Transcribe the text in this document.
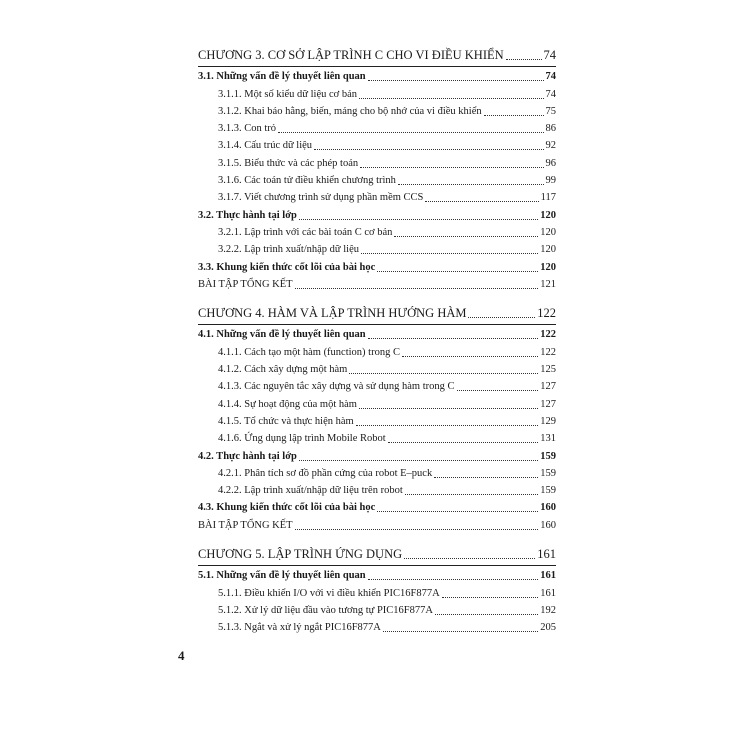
CHƯƠNG 3. CƠ SỞ LẬP TRÌNH C CHO VI ĐIỀU KHIỂN	74
3.1. Những vấn đề lý thuyết liên quan	74
3.1.1. Một số kiểu dữ liệu cơ bản	74
3.1.2. Khai báo hằng, biến, mảng cho bộ nhớ của vi điều khiển	75
3.1.3. Con trỏ	86
3.1.4. Cấu trúc dữ liệu	92
3.1.5. Biểu thức và các phép toán	96
3.1.6. Các toán tử điều khiển chương trình	99
3.1.7. Viết chương trình sử dụng phần mềm CCS	117
3.2. Thực hành tại lớp	120
3.2.1. Lập trình với các bài toán C cơ bản	120
3.2.2. Lập trình xuất/nhập dữ liệu	120
3.3. Khung kiến thức cốt lõi của bài học	120
BÀI TẬP TỔNG KẾT	121
CHƯƠNG 4. HÀM VÀ LẬP TRÌNH HƯỚNG HÀM	122
4.1. Những vấn đề lý thuyết liên quan	122
4.1.1. Cách tạo một hàm (function) trong C	122
4.1.2. Cách xây dựng một hàm	125
4.1.3. Các nguyên tắc xây dựng và sử dụng hàm trong C	127
4.1.4. Sự hoạt động của một hàm	127
4.1.5. Tổ chức và thực hiện hàm	129
4.1.6. Ứng dụng lập trình Mobile Robot	131
4.2. Thực hành tại lớp	159
4.2.1. Phân tích sơ đồ phần cứng của robot E–puck	159
4.2.2. Lập trình xuất/nhập dữ liệu trên robot	159
4.3. Khung kiến thức cốt lõi của bài học	160
BÀI TẬP TỔNG KẾT	160
CHƯƠNG 5. LẬP TRÌNH ỨNG DỤNG	161
5.1. Những vấn đề lý thuyết liên quan	161
5.1.1. Điều khiển I/O với vi điều khiển PIC16F877A	161
5.1.2. Xử lý dữ liệu đầu vào tương tự PIC16F877A	192
5.1.3. Ngắt và xử lý ngắt PIC16F877A	205
4
